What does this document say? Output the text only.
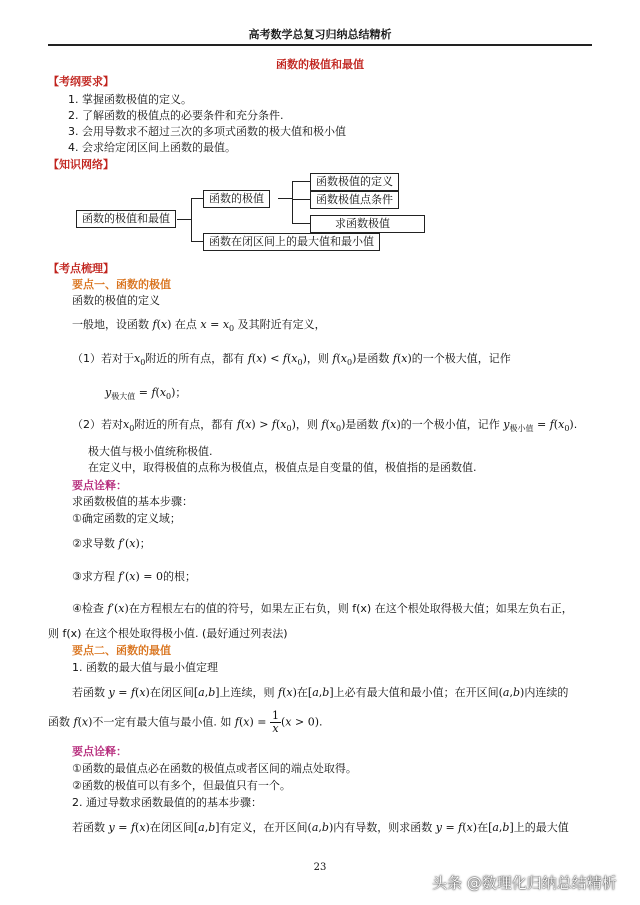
高考数学总复习归纳总结精析
函数的极值和最值
【考纲要求】
1. 掌握函数极值的定义。
2. 了解函数的极值点的必要条件和充分条件.
3. 会用导数求不超过三次的多项式函数的极大值和极小值
4. 会求给定闭区间上函数的最值。
【知识网络】
函数的极值和最值
函数的极值
函数极值的定义
函数极值点条件
求函数极值
函数在闭区间上的最大值和最小值
【考点梳理】
要点一、函数的极值
函数的极值的定义
一般地，设函数 f(x) 在点 $x = x_0$ 及其附近有定义，
（1）若对于$x_0$附近的所有点，都有 $f(x) < f(x_0)$，则 $f(x_0)$是函数 f(x)的一个极大值，记作
$y_{极大值} = f(x_0)$；
（2）若对$x_0$附近的所有点，都有 $f(x) > f(x_0)$，则 $f(x_0)$是函数 f(x)的一个极小值，记作 $y_{极小值} = f(x_0)$.
极大值与极小值统称极值.
在定义中，取得极值的点称为极值点，极值点是自变量的值，极值指的是函数值.
要点诠释：
求函数极值的基本步骤：
①确定函数的定义域；
②求导数 f′(x)；
③求方程 f′(x) = 0的根；
④检查 f′(x)在方程根左右的值的符号，如果左正右负，则 f(x) 在这个根处取得极大值；如果左负右正，
则 f(x) 在这个根处取得极小值. (最好通过列表法)
要点二、函数的最值
1. 函数的最大值与最小值定理
若函数 y = f(x)在闭区间[a,b]上连续，则 f(x)在[a,b]上必有最大值和最小值；在开区间(a,b)内连续的
函数 f(x)不一定有最大值与最小值. 如 $f(x) = \frac{1}{x} (x > 0)$.
要点诠释：
①函数的最值点必在函数的极值点或者区间的端点处取得。
②函数的极值可以有多个，但最值只有一个。
2. 通过导数求函数最值的的基本步骤：
若函数 y = f(x)在闭区间[a,b]有定义，在开区间(a,b)内有导数，则求函数 y = f(x)在[a,b]上的最大值
23
头条 @数理化归纳总结精析
